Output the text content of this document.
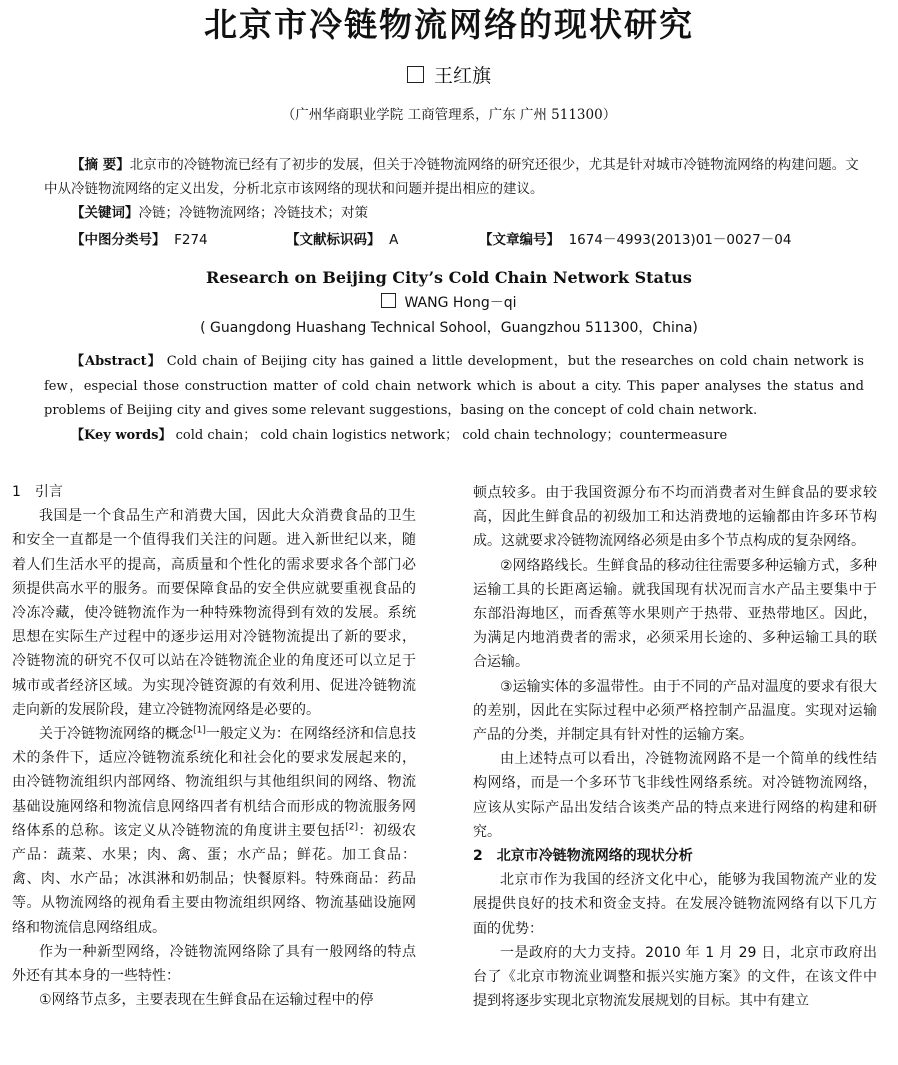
北京市冷链物流网络的现状研究
王红旗
（广州华商职业学院 工商管理系，广东 广州 511300）

【摘 要】北京市的冷链物流已经有了初步的发展，但关于冷链物流网络的研究还很少，尤其是针对城市冷链物流网络的构建问题。文中从冷链物流网络的定义出发，分析北京市该网络的现状和问题并提出相应的建议。

【关键词】冷链；冷链物流网络；冷链技术；对策

【中图分类号】 F274	【文献标识码】 A	【文章编号】 1674－4993(2013)01－0027－04
Research on Beijing City’s Cold Chain Network Status
WANG Hong－qi
( Guangdong Huashang Technical Sohool，Guangzhou 511300，China)

【Abstract】 Cold chain of Beijing city has gained a little development，but the researches on cold chain network is few，especial those construction matter of cold chain network which is about a city. This paper analyses the status and problems of Beijing city and gives some relevant suggestions，basing on the concept of cold chain network.

【Key words】 cold chain； cold chain logistics network； cold chain technology；countermeasure

1 引言

我国是一个食品生产和消费大国，因此大众消费食品的卫生和安全一直都是一个值得我们关注的问题。进入新世纪以来，随着人们生活水平的提高，高质量和个性化的需求要求各个部门必须提供高水平的服务。而要保障食品的安全供应就要重视食品的冷冻冷藏，使冷链物流作为一种特殊物流得到有效的发展。系统思想在实际生产过程中的逐步运用对冷链物流提出了新的要求，冷链物流的研究不仅可以站在冷链物流企业的角度还可以立足于城市或者经济区域。为实现冷链资源的有效利用、促进冷链物流走向新的发展阶段，建立冷链物流网络是必要的。

关于冷链物流网络的概念[1]一般定义为：在网络经济和信息技术的条件下，适应冷链物流系统化和社会化的要求发展起来的，由冷链物流组织内部网络、物流组织与其他组织间的网络、物流基础设施网络和物流信息网络四者有机结合而形成的物流服务网络体系的总称。该定义从冷链物流的角度讲主要包括[2]：初级农产品：蔬菜、水果；肉、禽、蛋；水产品；鲜花。加工食品：禽、肉、水产品；冰淇淋和奶制品；快餐原料。特殊商品：药品等。从物流网络的视角看主要由物流组织网络、物流基础设施网络和物流信息网络组成。

作为一种新型网络，冷链物流网络除了具有一般网络的特点外还有其本身的一些特性：

①网络节点多，主要表现在生鲜食品在运输过程中的停

顿点较多。由于我国资源分布不均而消费者对生鲜食品的要求较高，因此生鲜食品的初级加工和达消费地的运输都由许多环节构成。这就要求冷链物流网络必须是由多个节点构成的复杂网络。

②网络路线长。生鲜食品的移动往往需要多种运输方式，多种运输工具的长距离运输。就我国现有状况而言水产品主要集中于东部沿海地区，而香蕉等水果则产于热带、亚热带地区。因此，为满足内地消费者的需求，必须采用长途的、多种运输工具的联合运输。

③运输实体的多温带性。由于不同的产品对温度的要求有很大的差别，因此在实际过程中必须严格控制产品温度。实现对运输产品的分类，并制定具有针对性的运输方案。

由上述特点可以看出，冷链物流网路不是一个简单的线性结构网络，而是一个多环节飞非线性网络系统。对冷链物流网络，应该从实际产品出发结合该类产品的特点来进行网络的构建和研究。

2 北京市冷链物流网络的现状分析

北京市作为我国的经济文化中心，能够为我国物流产业的发展提供良好的技术和资金支持。在发展冷链物流网络有以下几方面的优势：

一是政府的大力支持。2010 年 1 月 29 日，北京市政府出台了《北京市物流业调整和振兴实施方案》的文件，在该文件中提到将逐步实现北京物流发展规划的目标。其中有建立
